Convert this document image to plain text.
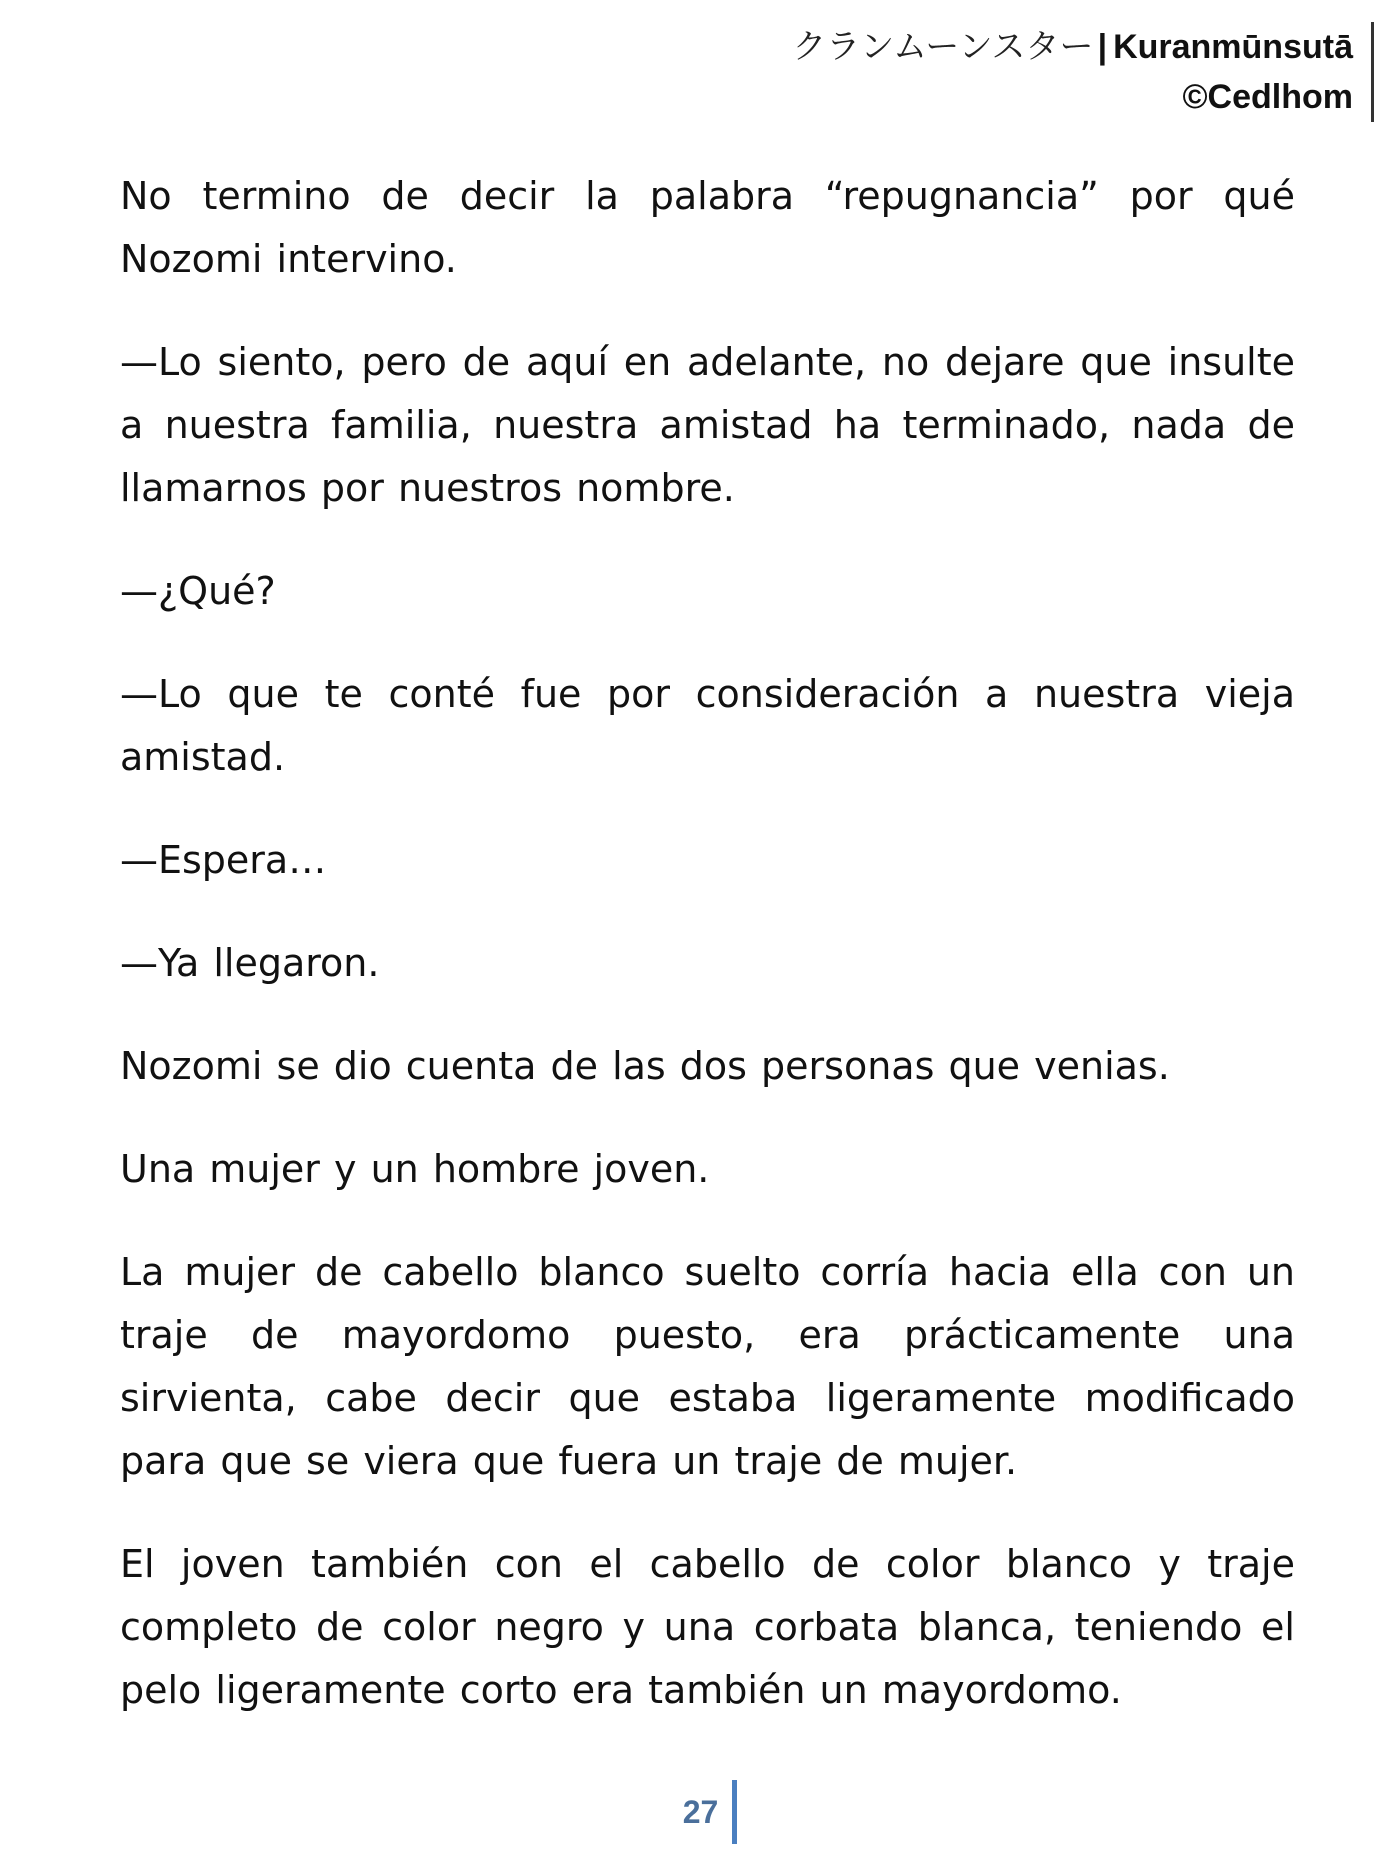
クランムーンスター | Kuranmūnsutā
©Cedlhom

No termino de decir la palabra “repugnancia” por qué Nozomi intervino.

—Lo siento, pero de aquí en adelante, no dejare que insulte a nuestra familia, nuestra amistad ha terminado, nada de llamarnos por nuestros nombre.

—¿Qué?

—Lo que te conté fue por consideración a nuestra vieja amistad.

—Espera…

—Ya llegaron.

Nozomi se dio cuenta de las dos personas que venias.

Una mujer y un hombre joven.

La mujer de cabello blanco suelto corría hacia ella con un traje de mayordomo puesto, era prácticamente una sirvienta, cabe decir que estaba ligeramente modificado para que se viera que fuera un traje de mujer.

El joven también con el cabello de color blanco y traje completo de color negro y una corbata blanca, teniendo el pelo ligeramente corto era también un mayordomo.

27
